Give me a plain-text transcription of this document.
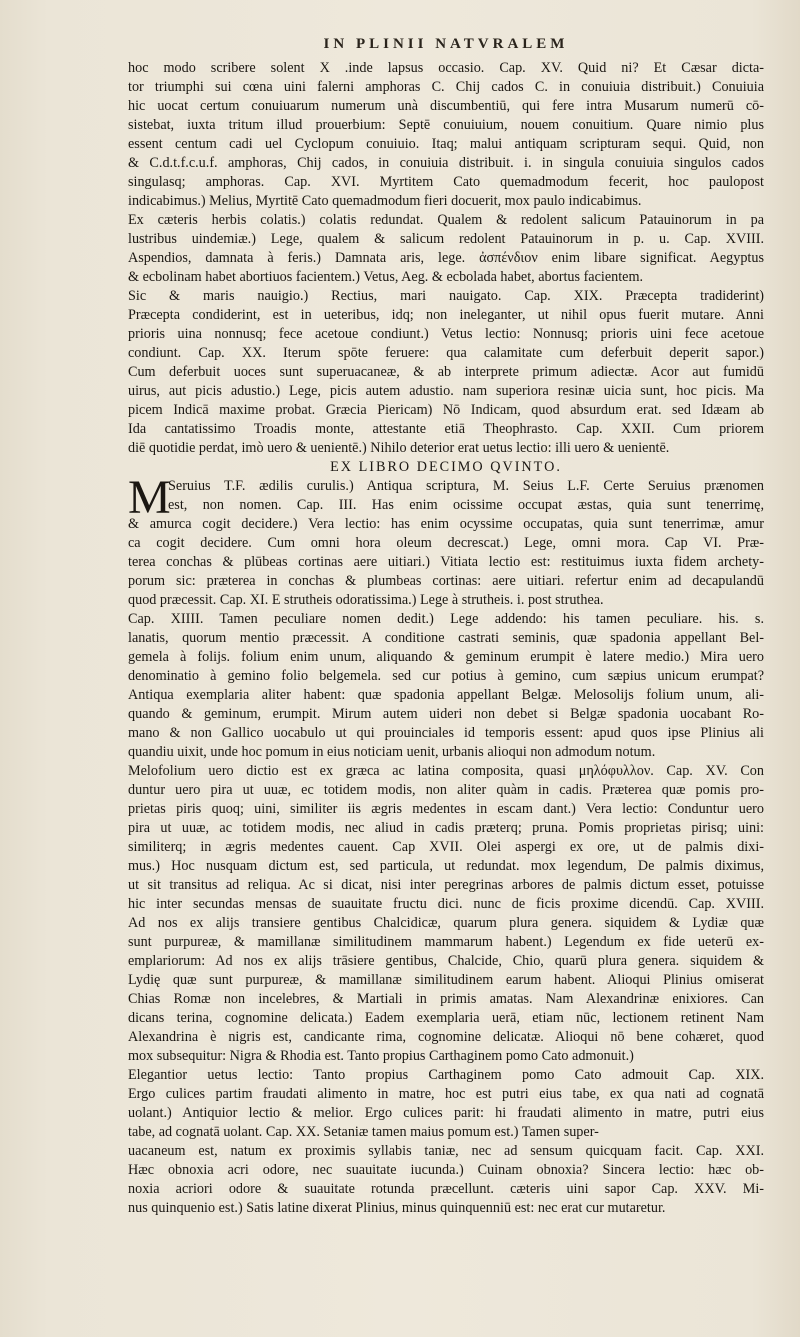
IN PLINII NATVRALEM
hoc modo scribere solent X .inde lapsus occasio. Cap. XV. Quid ni? Et Cæsar dicta-
tor triumphi sui cœna uini falerni amphoras C. Chij cados C. in conuiuia distribuit.) Conuiuia
hic uocat certum conuiuarum numerum unà discumbentiū, qui fere intra Musarum numerū cō-
sistebat, iuxta tritum illud prouerbium: Septē conuiuium, nouem conuitium. Quare nimio plus
essent centum cadi uel Cyclopum conuiuio. Itaq; malui antiquam scripturam sequi. Quid, non
& C.d.t.f.c.u.f. amphoras, Chij cados, in conuiuia distribuit. i. in singula conuiuia singulos cados
singulasq; amphoras. Cap. XVI. Myrtitem Cato quemadmodum fecerit, hoc paulopost
indicabimus.) Melius, Myrtitē Cato quemadmodum fieri docuerit, mox paulo indicabimus.
Ex cæteris herbis colatis.) colatis redundat. Qualem & redolent salicum Patauinorum in pa
lustribus uindemiæ.) Lege, qualem & salicum redolent Patauinorum in p. u. Cap. XVIII.
Aspendios, damnata à feris.) Damnata aris, lege. ἀσπένδιον enim libare significat. Aegyptus
& ecbolinam habet abortiuos facientem.) Vetus, Aeg. & ecbolada habet, abortus facientem.
Sic & maris nauigio.) Rectius, mari nauigato. Cap. XIX. Præcepta tradiderint)
Præcepta condiderint, est in ueteribus, idq; non ineleganter, ut nihil opus fuerit mutare. Anni
prioris uina nonnusq; fece acetoue condiunt.) Vetus lectio: Nonnusq; prioris uini fece acetoue
condiunt. Cap. XX. Iterum spōte feruere: qua calamitate cum deferbuit deperit sapor.)
Cum deferbuit uoces sunt superuacaneæ, & ab interprete primum adiectæ. Acor aut fumidū
uirus, aut picis adustio.) Lege, picis autem adustio. nam superiora resinæ uicia sunt, hoc picis. Ma
picem Indicā maxime probat. Græcia Piericam) Nō Indicam, quod absurdum erat. sed Idæam ab
Ida cantatissimo Troadis monte, attestante etiā Theophrasto. Cap. XXII. Cum priorem
diē quotidie perdat, imò uero & uenientē.) Nihilo deterior erat uetus lectio: illi uero & uenientē.
EX LIBRO DECIMO QVINTO.
Seruius T.F. ædilis curulis.) Antiqua scriptura, M. Seius L.F. Certe Seruius prænomen
est, non nomen. Cap. III. Has enim ocissime occupat æstas, quia sunt tenerrimę,
& amurca cogit decidere.) Vera lectio: has enim ocyssime occupatas, quia sunt tenerrimæ, amur
ca cogit decidere. Cum omni hora oleum decrescat.) Lege, omni mora. Cap VI. Præ-
terea conchas & plūbeas cortinas aere uitiari.) Vitiata lectio est: restituimus iuxta fidem archety-
porum sic: præterea in conchas & plumbeas cortinas: aere uitiari. refertur enim ad decapulandū
quod præcessit. Cap. XI. E strutheis odoratissima.) Lege à strutheis. i. post struthea.
Cap. XIIII. Tamen peculiare nomen dedit.) Lege addendo: his tamen peculiare. his. s.
lanatis, quorum mentio præcessit. A conditione castrati seminis, quæ spadonia appellant Bel-
gemela à folijs. folium enim unum, aliquando & geminum erumpit è latere medio.) Mira uero
denominatio à gemino folio belgemela. sed cur potius à gemino, cum sæpius unicum erumpat?
Antiqua exemplaria aliter habent: quæ spadonia appellant Belgæ. Melosolijs folium unum, ali-
quando & geminum, erumpit. Mirum autem uideri non debet si Belgæ spadonia uocabant Ro-
mano & non Gallico uocabulo ut qui prouinciales id temporis essent: apud quos ipse Plinius ali
quandiu uixit, unde hoc pomum in eius noticiam uenit, urbanis alioqui non admodum notum.
Melofolium uero dictio est ex græca ac latina composita, quasi μηλόφυλλον. Cap. XV. Con
duntur uero pira ut uuæ, ec totidem modis, non aliter quàm in cadis. Præterea quæ pomis pro-
prietas piris quoq; uini, similiter iis ægris medentes in escam dant.) Vera lectio: Conduntur uero
pira ut uuæ, ac totidem modis, nec aliud in cadis præterq; pruna. Pomis proprietas pirisq; uini:
similiterq; in ægris medentes cauent. Cap XVII. Olei aspergi ex ore, ut de palmis dixi-
mus.) Hoc nusquam dictum est, sed particula, ut redundat. mox legendum, De palmis diximus,
ut sit transitus ad reliqua. Ac si dicat, nisi inter peregrinas arbores de palmis dictum esset, potuisse
hic inter secundas mensas de suauitate fructu dici. nunc de ficis proxime dicendū. Cap. XVIII.
Ad nos ex alijs transiere gentibus Chalcidicæ, quarum plura genera. siquidem & Lydiæ quæ
sunt purpureæ, & mamillanæ similitudinem mammarum habent.) Legendum ex fide ueterū ex-
emplariorum: Ad nos ex alijs trāsiere gentibus, Chalcide, Chio, quarū plura genera. siquidem &
Lydię quæ sunt purpureæ, & mamillanæ similitudinem earum habent. Alioqui Plinius omiserat
Chias Romæ non incelebres, & Martiali in primis amatas. Nam Alexandrinæ enixiores. Can
dicans terina, cognomine delicata.) Eadem exemplaria uerā, etiam nūc, lectionem retinent Nam
Alexandrina è nigris est, candicante rima, cognomine delicatæ. Alioqui nō bene cohæret, quod
mox subsequitur: Nigra & Rhodia est. Tanto propius Carthaginem pomo Cato admonuit.)
Elegantior uetus lectio: Tanto propius Carthaginem pomo Cato admouit Cap. XIX.
Ergo culices partim fraudati alimento in matre, hoc est putri eius tabe, ex qua nati ad cognatā
uolant.) Antiquior lectio & melior. Ergo culices parit: hi fraudati alimento in matre, putri eius
tabe, ad cognatā uolant. Cap. XX. Setaniæ tamen maius pomum est.) Tamen super-
uacaneum est, natum ex proximis syllabis taniæ, nec ad sensum quicquam facit. Cap. XXI.
Hæc obnoxia acri odore, nec suauitate iucunda.) Cuinam obnoxia? Sincera lectio: hæc ob-
noxia acriori odore & suauitate rotunda præcellunt. cæteris uini sapor Cap. XXV. Mi-
nus quinquenio est.) Satis latine dixerat Plinius, minus quinquenniū est: nec erat cur mutaretur.
M
